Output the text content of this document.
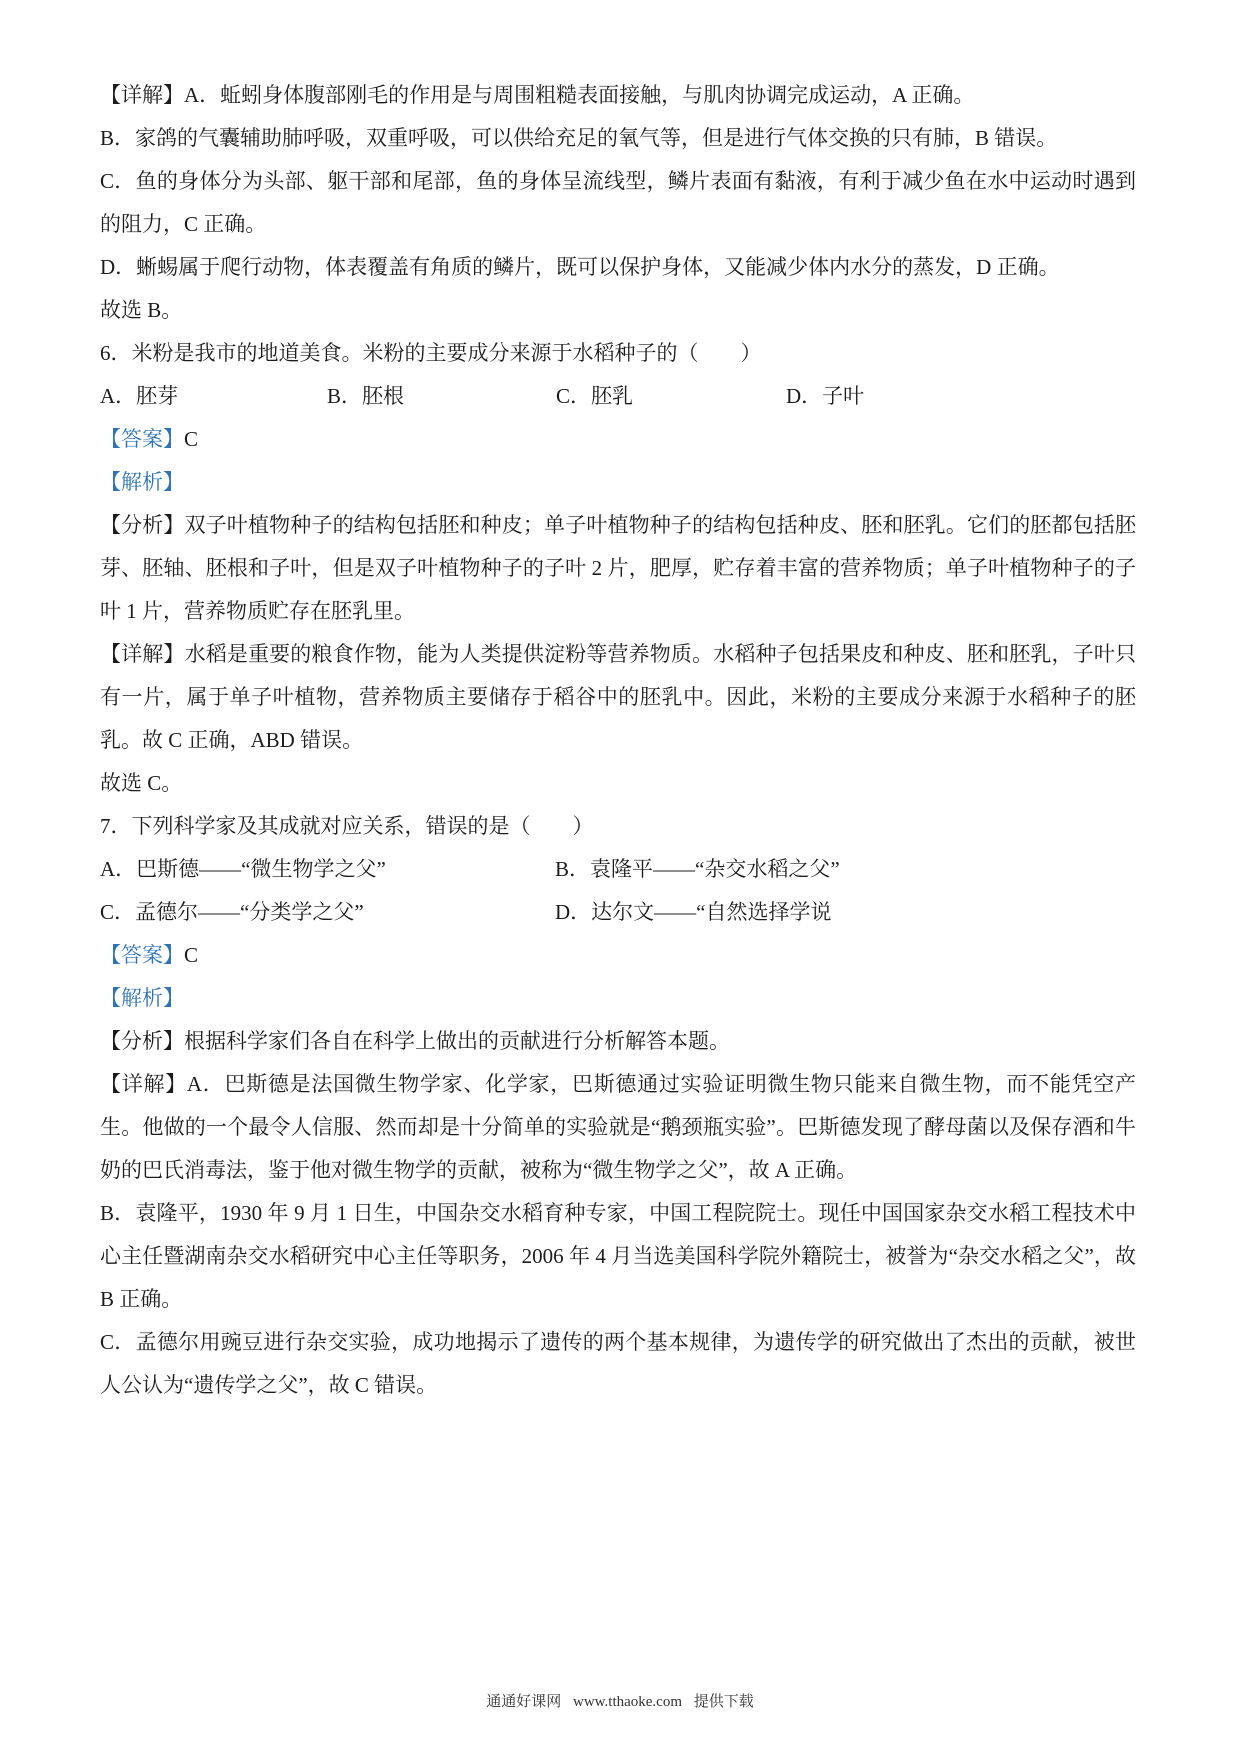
【详解】A．蚯蚓身体腹部刚毛的作用是与周围粗糙表面接触，与肌肉协调完成运动，A 正确。
B．家鸽的气囊辅助肺呼吸，双重呼吸，可以供给充足的氧气等，但是进行气体交换的只有肺，B 错误。
C．鱼的身体分为头部、躯干部和尾部，鱼的身体呈流线型，鳞片表面有黏液，有利于减少鱼在水中运动时遇到的阻力，C 正确。
D．蜥蜴属于爬行动物，体表覆盖有角质的鳞片，既可以保护身体，又能减少体内水分的蒸发，D 正确。
故选 B。
6．米粉是我市的地道美食。米粉的主要成分来源于水稻种子的（　　）
A．胚芽	B．胚根	C．胚乳	D．子叶
【答案】C
【解析】
【分析】双子叶植物种子的结构包括胚和种皮；单子叶植物种子的结构包括种皮、胚和胚乳。它们的胚都包括胚芽、胚轴、胚根和子叶，但是双子叶植物种子的子叶 2 片，肥厚，贮存着丰富的营养物质；单子叶植物种子的子叶 1 片，营养物质贮存在胚乳里。
【详解】水稻是重要的粮食作物，能为人类提供淀粉等营养物质。水稻种子包括果皮和种皮、胚和胚乳，子叶只有一片，属于单子叶植物，营养物质主要储存于稻谷中的胚乳中。因此，米粉的主要成分来源于水稻种子的胚乳。故 C 正确，ABD 错误。
故选 C。
7．下列科学家及其成就对应关系，错误的是（　　）
A．巴斯德——“微生物学之父”	B．袁隆平——“杂交水稻之父”
C．孟德尔——“分类学之父”	D．达尔文——“自然选择学说
【答案】C
【解析】
【分析】根据科学家们各自在科学上做出的贡献进行分析解答本题。
【详解】A．巴斯德是法国微生物学家、化学家，巴斯德通过实验证明微生物只能来自微生物，而不能凭空产生。他做的一个最令人信服、然而却是十分简单的实验就是“鹅颈瓶实验”。巴斯德发现了酵母菌以及保存酒和牛奶的巴氏消毒法，鉴于他对微生物学的贡献，被称为“微生物学之父”，故 A 正确。
B．袁隆平，1930 年 9 月 1 日生，中国杂交水稻育种专家，中国工程院院士。现任中国国家杂交水稻工程技术中心主任暨湖南杂交水稻研究中心主任等职务，2006 年 4 月当选美国科学院外籍院士，被誉为“杂交水稻之父”，故 B 正确。
C．孟德尔用豌豆进行杂交实验，成功地揭示了遗传的两个基本规律，为遗传学的研究做出了杰出的贡献，被世人公认为“遗传学之父”，故 C 错误。
通通好课网 www.tthaoke.com 提供下载
